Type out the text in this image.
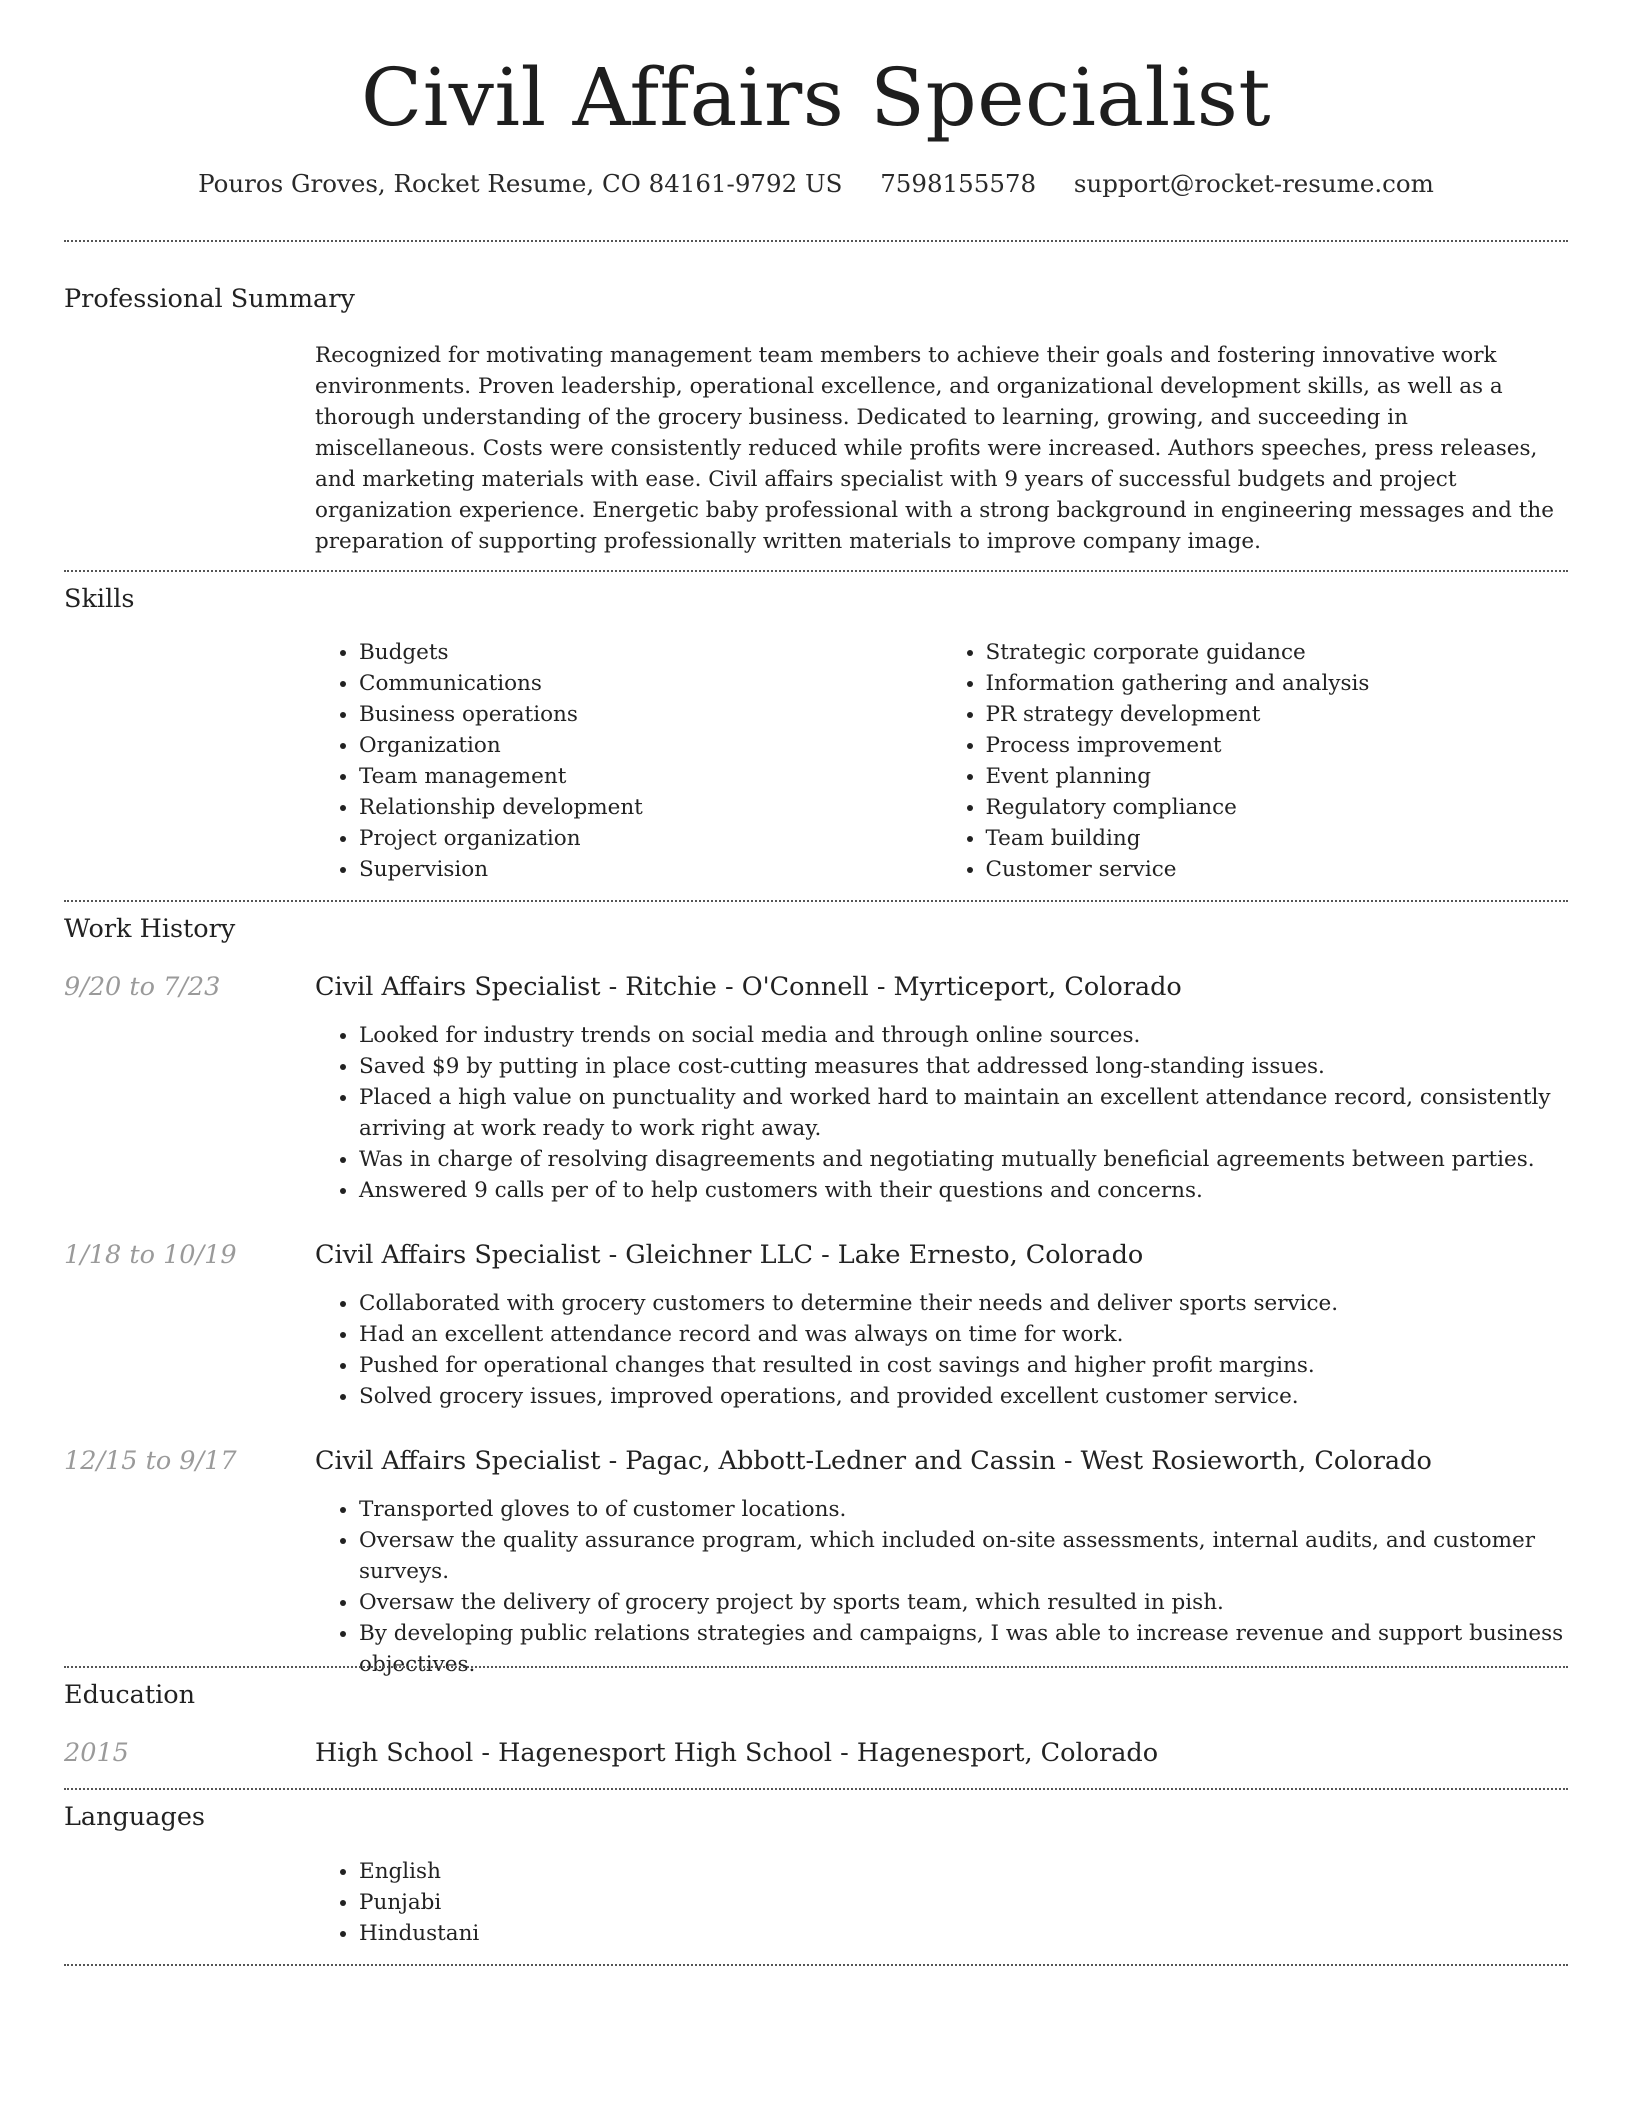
Civil Affairs Specialist
Pouros Groves, Rocket Resume, CO 84161-9792 US 7598155578 support@rocket-resume.com
Professional Summary

Recognized for motivating management team members to achieve their goals and fostering innovative work environments. Proven leadership, operational excellence, and organizational development skills, as well as a thorough understanding of the grocery business. Dedicated to learning, growing, and succeeding in miscellaneous. Costs were consistently reduced while profits were increased. Authors speeches, press releases, and marketing materials with ease. Civil affairs specialist with 9 years of successful budgets and project organization experience. Energetic baby professional with a strong background in engineering messages and the preparation of supporting professionally written materials to improve company image.

Skills
• Budgets
• Communications
• Business operations
• Organization
• Team management
• Relationship development
• Project organization
• Supervision
• Strategic corporate guidance
• Information gathering and analysis
• PR strategy development
• Process improvement
• Event planning
• Regulatory compliance
• Team building
• Customer service
Work History
9/20 to 7/23	Civil Affairs Specialist - Ritchie - O'Connell - Myrticeport, Colorado
• Looked for industry trends on social media and through online sources.
• Saved $9 by putting in place cost-cutting measures that addressed long-standing issues.
• Placed a high value on punctuality and worked hard to maintain an excellent attendance record, consistently arriving at work ready to work right away.
• Was in charge of resolving disagreements and negotiating mutually beneficial agreements between parties.
• Answered 9 calls per of to help customers with their questions and concerns.
1/18 to 10/19	Civil Affairs Specialist - Gleichner LLC - Lake Ernesto, Colorado
• Collaborated with grocery customers to determine their needs and deliver sports service.
• Had an excellent attendance record and was always on time for work.
• Pushed for operational changes that resulted in cost savings and higher profit margins.
• Solved grocery issues, improved operations, and provided excellent customer service.
12/15 to 9/17	Civil Affairs Specialist - Pagac, Abbott-Ledner and Cassin - West Rosieworth, Colorado
• Transported gloves to of customer locations.
• Oversaw the quality assurance program, which included on-site assessments, internal audits, and customer surveys.
• Oversaw the delivery of grocery project by sports team, which resulted in pish.
• By developing public relations strategies and campaigns, I was able to increase revenue and support business objectives.
Education
2015	High School - Hagenesport High School - Hagenesport, Colorado
Languages
• English
• Punjabi
• Hindustani
